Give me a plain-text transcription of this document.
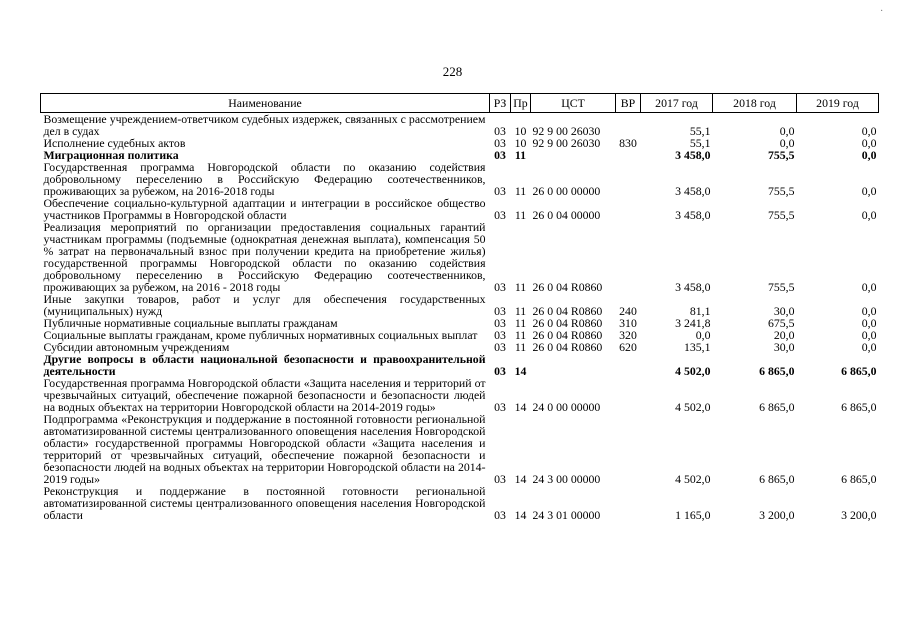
·
228
Наименование	РЗ	Пр	ЦСТ	ВР	2017 год	2018 год	2019 год
Возмещение учреждением-ответчиком судебных издержек, связанных с рассмотрением дел в судах	03	10	92 9 00 26030		55,1	0,0	0,0
Исполнение судебных актов	03	10	92 9 00 26030	830	55,1	0,0	0,0
Миграционная политика	03	11			3 458,0	755,5	0,0
Государственная программа Новгородской области по оказанию содействия добровольному переселению в Российскую Федерацию соотечественников, проживающих за рубежом, на 2016-2018 годы	03	11	26 0 00 00000		3 458,0	755,5	0,0
Обеспечение социально-культурной адаптации и интеграции в российское общество участников Программы в Новгородской области	03	11	26 0 04 00000		3 458,0	755,5	0,0
Реализация мероприятий по организации предоставления социальных гарантий участникам программы (подъемные (однократная денежная выплата), компенсация 50 % затрат на первоначальный взнос при получении кредита на приобретение жилья) государственной программы Новгородской области по оказанию содействия добровольному переселению в Российскую Федерацию соотечественников, проживающих за рубежом, на 2016 - 2018 годы	03	11	26 0 04 R0860		3 458,0	755,5	0,0
Иные закупки товаров, работ и услуг для обеспечения государственных (муниципальных) нужд	03	11	26 0 04 R0860	240	81,1	30,0	0,0
Публичные нормативные социальные выплаты гражданам	03	11	26 0 04 R0860	310	3 241,8	675,5	0,0
Социальные выплаты гражданам, кроме публичных нормативных социальных выплат	03	11	26 0 04 R0860	320	0,0	20,0	0,0
Субсидии автономным учреждениям	03	11	26 0 04 R0860	620	135,1	30,0	0,0
Другие вопросы в области национальной безопасности и правоохранительной деятельности	03	14			4 502,0	6 865,0	6 865,0
Государственная программа Новгородской области «Защита населения и территорий от чрезвычайных ситуаций, обеспечение пожарной безопасности и безопасности людей на водных объектах на территории Новгородской области на 2014-2019 годы»	03	14	24 0 00 00000		4 502,0	6 865,0	6 865,0
Подпрограмма «Реконструкция и поддержание в постоянной готовности региональной автоматизированной системы централизованного оповещения населения Новгородской области» государственной программы Новгородской области «Защита населения и территорий от чрезвычайных ситуаций, обеспечение пожарной безопасности и безопасности людей на водных объектах на территории Новгородской области на 2014-2019 годы»	03	14	24 3 00 00000		4 502,0	6 865,0	6 865,0
Реконструкция и поддержание в постоянной готовности региональной автоматизированной системы централизованного оповещения населения Новгородской области	03	14	24 3 01 00000		1 165,0	3 200,0	3 200,0
